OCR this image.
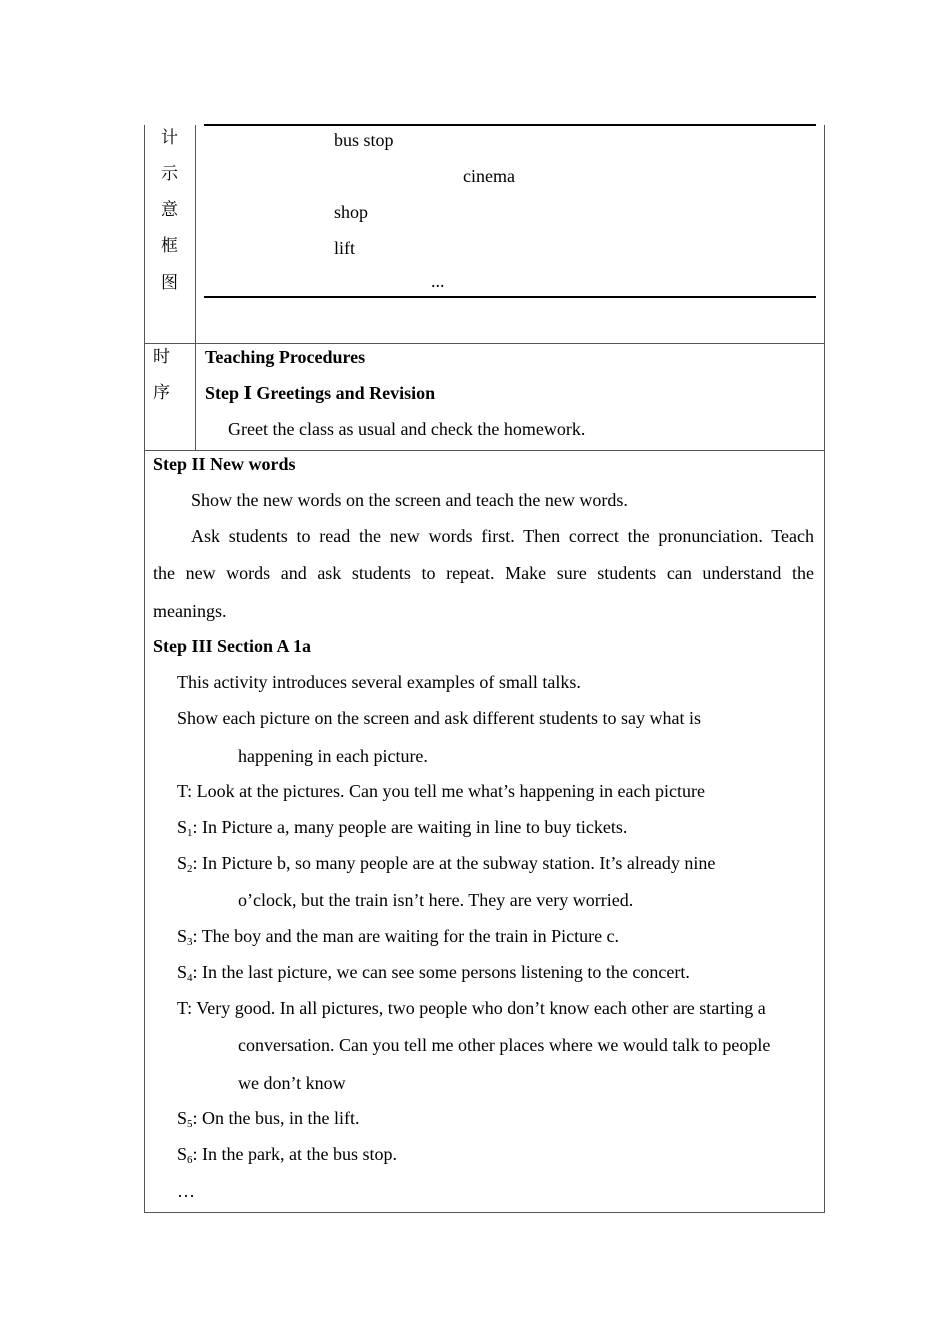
计
示
意
框
图
时
序
bus stop
cinema
shop
lift
...
Teaching Procedures
Step Ⅰ Greetings and Revision
Greet the class as usual and check the homework.
Step II New words
Show the new words on the screen and teach the new words.
Ask students to read the new words first. Then correct the pronunciation. Teach
the new words and ask students to repeat. Make sure students can understand the
meanings.
Step III Section A 1a
This activity introduces several examples of small talks.
Show each picture on the screen and ask different students to say what is
happening in each picture.
T: Look at the pictures. Can you tell me what’s happening in each picture
$S_1$: In Picture a, many people are waiting in line to buy tickets.
$S_2$: In Picture b, so many people are at the subway station. It’s already nine
o’clock, but the train isn’t here. They are very worried.
$S_3$: The boy and the man are waiting for the train in Picture c.
$S_4$: In the last picture, we can see some persons listening to the concert.
T: Very good. In all pictures, two people who don’t know each other are starting a
conversation. Can you tell me other places where we would talk to people
we don’t know
$S_5$: On the bus, in the lift.
$S_6$: In the park, at the bus stop.
…
